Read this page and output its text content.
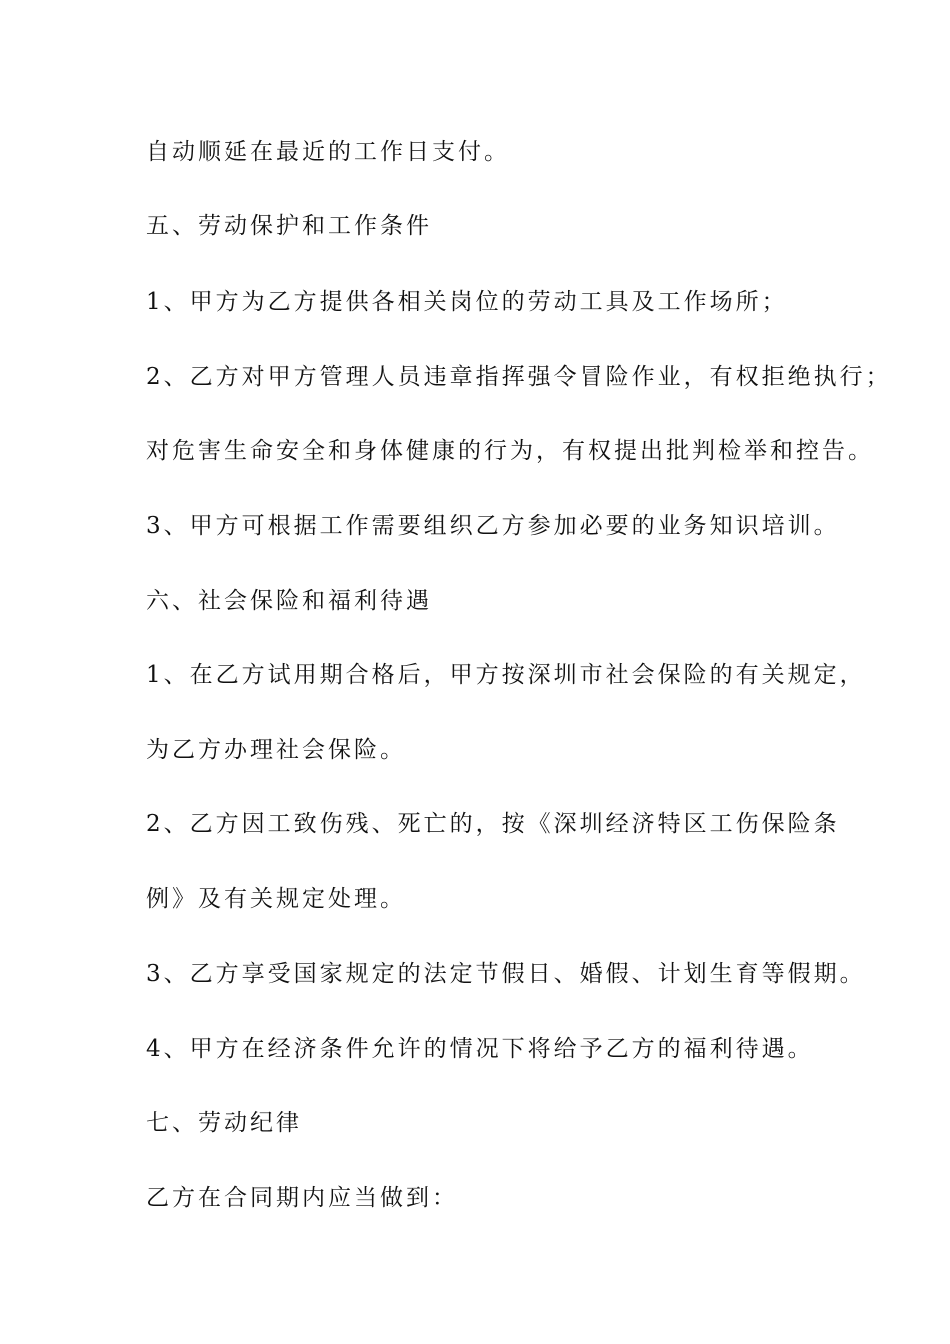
自动顺延在最近的工作日支付。

五、劳动保护和工作条件

1、甲方为乙方提供各相关岗位的劳动工具及工作场所；

2、乙方对甲方管理人员违章指挥强令冒险作业，有权拒绝执行；

对危害生命安全和身体健康的行为，有权提出批判检举和控告。

3、甲方可根据工作需要组织乙方参加必要的业务知识培训。

六、社会保险和福利待遇

1、在乙方试用期合格后，甲方按深圳市社会保险的有关规定，

为乙方办理社会保险。

2、乙方因工致伤残、死亡的，按《深圳经济特区工伤保险条

例》及有关规定处理。

3、乙方享受国家规定的法定节假日、婚假、计划生育等假期。

4、甲方在经济条件允许的情况下将给予乙方的福利待遇。

七、劳动纪律

乙方在合同期内应当做到：
